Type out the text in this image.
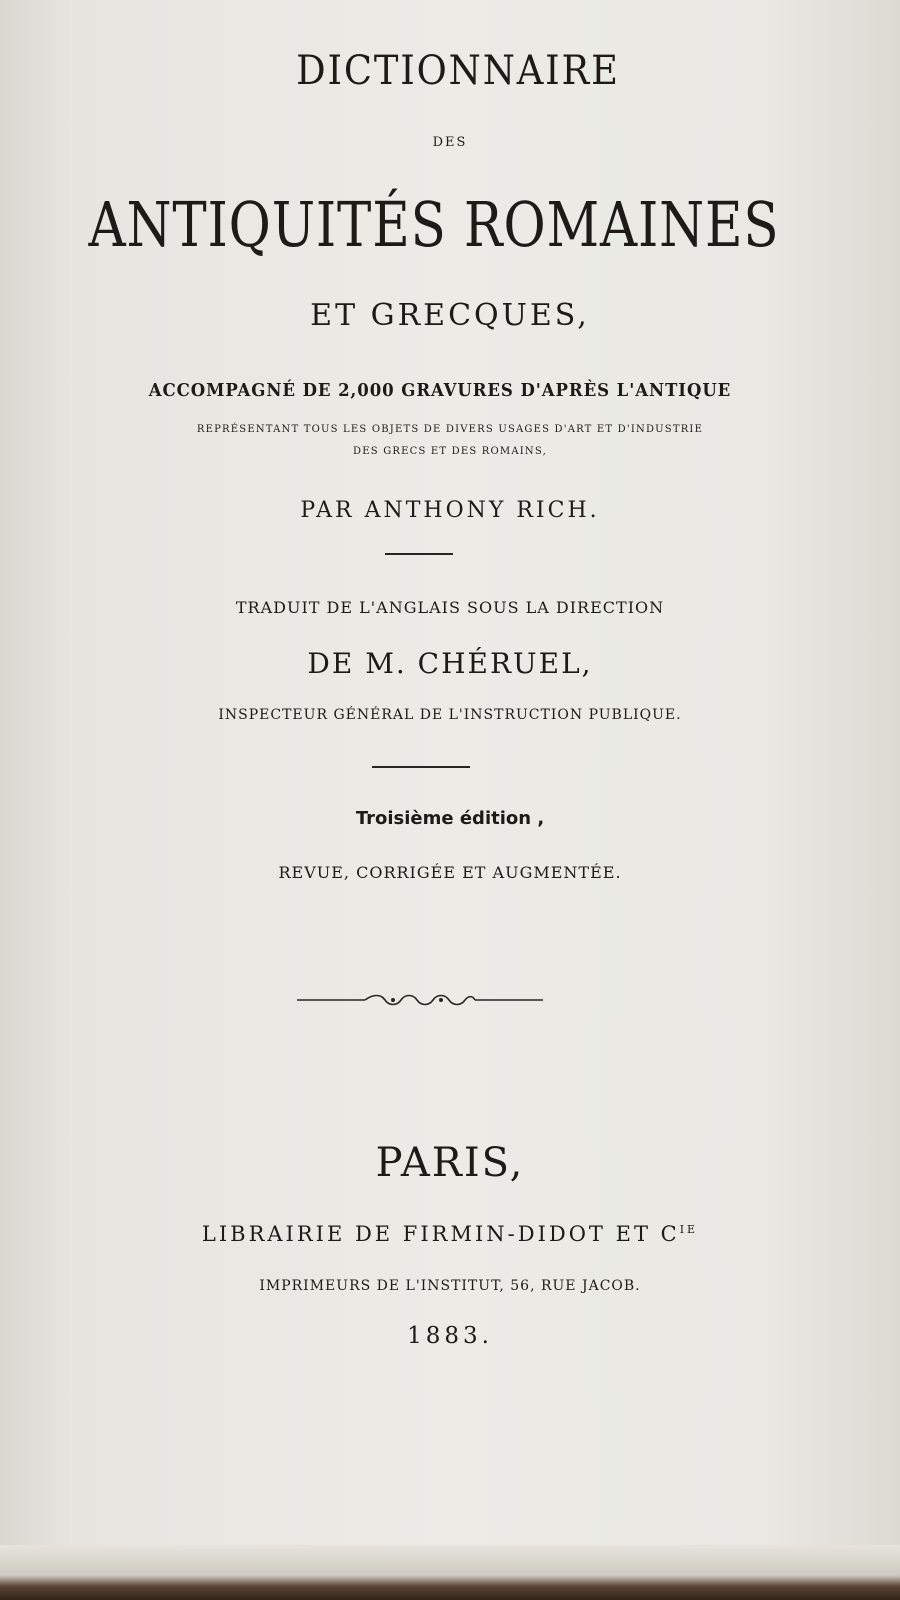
DICTIONNAIRE
DES
ANTIQUITÉS ROMAINES
ET GRECQUES,
ACCOMPAGNÉ DE 2,000 GRAVURES D'APRÈS L'ANTIQUE
REPRÉSENTANT TOUS LES OBJETS DE DIVERS USAGES D'ART ET D'INDUSTRIE
DES GRECS ET DES ROMAINS,
PAR ANTHONY RICH.
TRADUIT DE L'ANGLAIS SOUS LA DIRECTION
DE M. CHÉRUEL,
INSPECTEUR GÉNÉRAL DE L'INSTRUCTION PUBLIQUE.
Troisième édition ,
REVUE, CORRIGÉE ET AUGMENTÉE.
PARIS,
LIBRAIRIE DE FIRMIN-DIDOT ET $C^{IE}$
IMPRIMEURS DE L'INSTITUT, 56, RUE JACOB.
1883.
